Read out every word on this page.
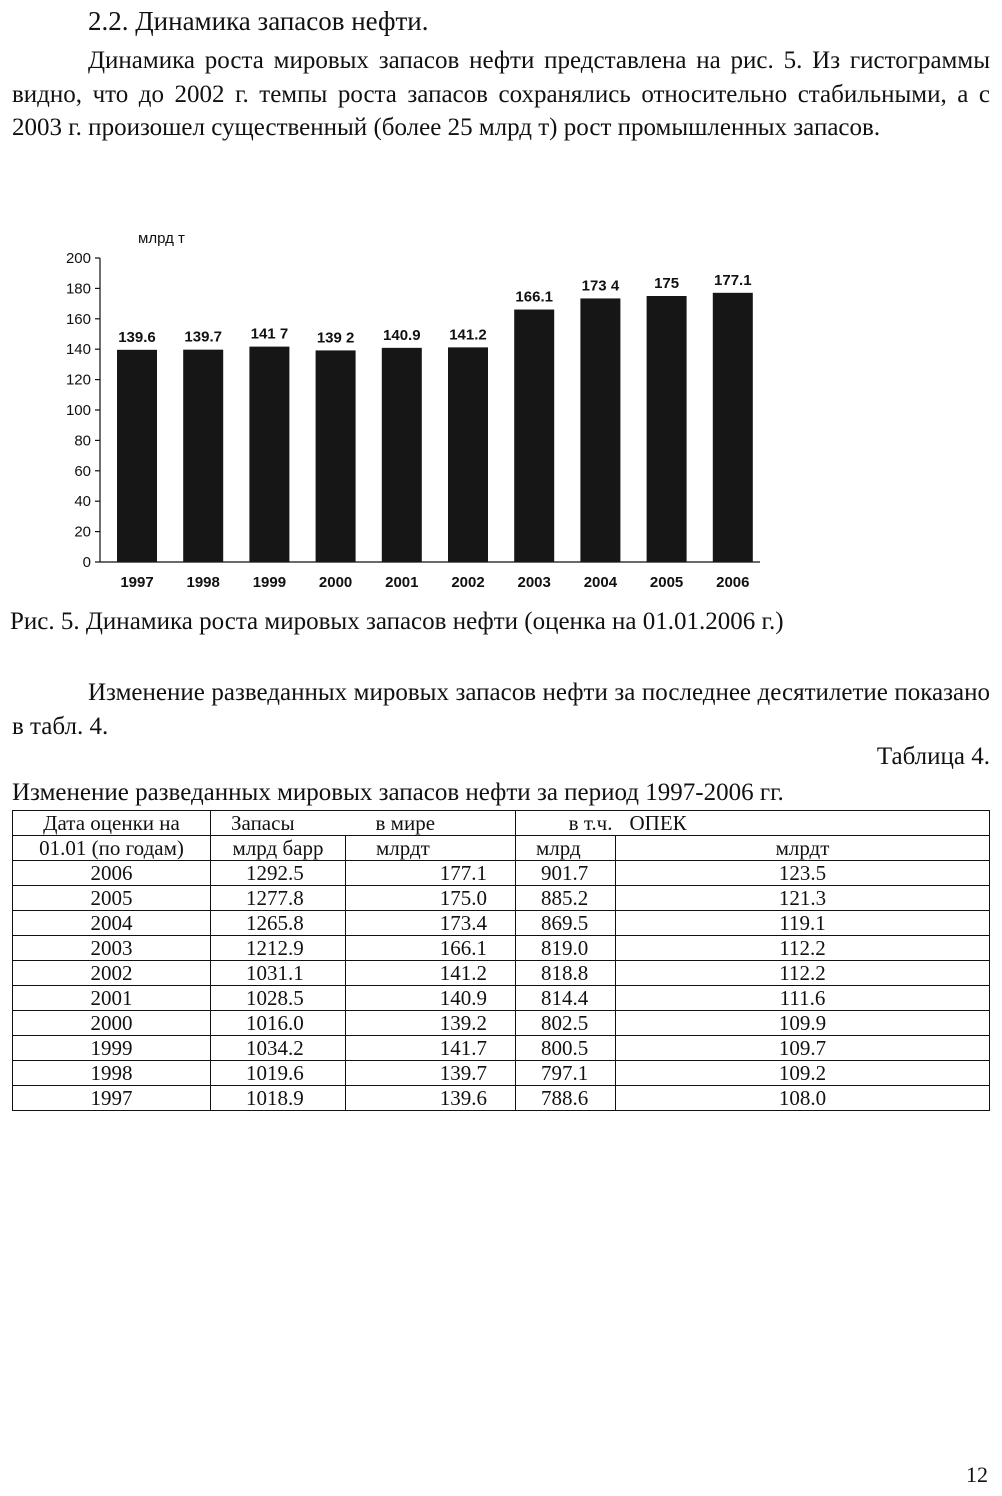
2.2. Динамика запасов нефти.
Динамика роста мировых запасов нефти представлена на рис. 5. Из гистограммы видно, что до 2002 г. темпы роста запасов сохранялись относительно стабильными, а с 2003 г. произошел существенный (более 25 млрд т) рост промышленных запасов.
млрд т
0
20
40
60
80
100
120
140
160
180
200
139.6
1997
139.7
1998
141 7
1999
139 2
2000
140.9
2001
141.2
2002
166.1
2003
173 4
2004
175
2005
177.1
2006
Рис. 5. Динамика роста мировых запасов нефти (оценка на 01.01.2006 г.)
Изменение разведанных мировых запасов нефти за последнее десятилетие показано в табл. 4.
Таблица 4.
Изменение разведанных мировых запасов нефти за период 1997-2006 гг.
Дата оценки на	Запасы	в мире	в т.ч.	ОПЕК
01.01 (по годам)	млрд барр	млрдт	млрд	млрдт
2006	1292.5	177.1	901.7	123.5
2005	1277.8	175.0	885.2	121.3
2004	1265.8	173.4	869.5	119.1
2003	1212.9	166.1	819.0	112.2
2002	1031.1	141.2	818.8	112.2
2001	1028.5	140.9	814.4	111.6
2000	1016.0	139.2	802.5	109.9
1999	1034.2	141.7	800.5	109.7
1998	1019.6	139.7	797.1	109.2
1997	1018.9	139.6	788.6	108.0
12
